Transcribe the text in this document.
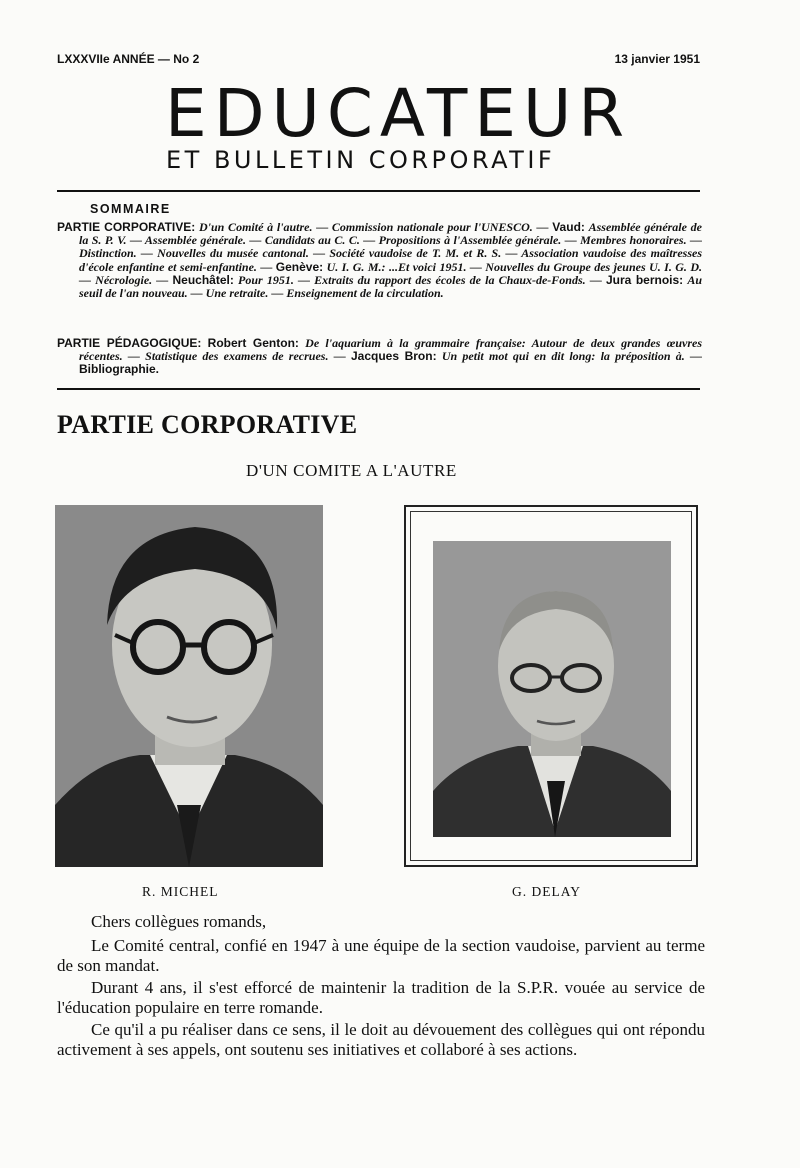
LXXXVIIe ANNÉE — No 2	13 janvier 1951
EDUCATEUR
ET BULLETIN CORPORATIF
SOMMAIRE
PARTIE CORPORATIVE: D'un Comité à l'autre. — Commission nationale pour l'UNESCO. — Vaud: Assemblée générale de la S. P. V. — Assemblée générale. — Candidats au C. C. — Propositions à l'Assemblée générale. — Membres honoraires. — Distinction. — Nouvelles du musée cantonal. — Société vaudoise de T. M. et R. S. — Association vaudoise des maîtresses d'école enfantine et semi-enfantine. — Genève: U. I. G. M.: ...Et voici 1951. — Nouvelles du Groupe des jeunes U. I. G. D. — Nécrologie. — Neuchâtel: Pour 1951. — Extraits du rapport des écoles de la Chaux-de-Fonds. — Jura bernois: Au seuil de l'an nouveau. — Une retraite. — Enseignement de la circulation.
PARTIE PÉDAGOGIQUE: Robert Genton: De l'aquarium à la grammaire française: Autour de deux grandes œuvres récentes. — Statistique des examens de recrues. — Jacques Bron: Un petit mot qui en dit long: la préposition à. — Bibliographie.
PARTIE CORPORATIVE
D'UN COMITE A L'AUTRE
R. MICHEL	G. DELAY

Chers collègues romands,

Le Comité central, confié en 1947 à une équipe de la section vaudoise, parvient au terme de son mandat.

Durant 4 ans, il s'est efforcé de maintenir la tradition de la S.P.R. vouée au service de l'éducation populaire en terre romande.

Ce qu'il a pu réaliser dans ce sens, il le doit au dévouement des collègues qui ont répondu activement à ses appels, ont soutenu ses initiatives et collaboré à ses actions.
